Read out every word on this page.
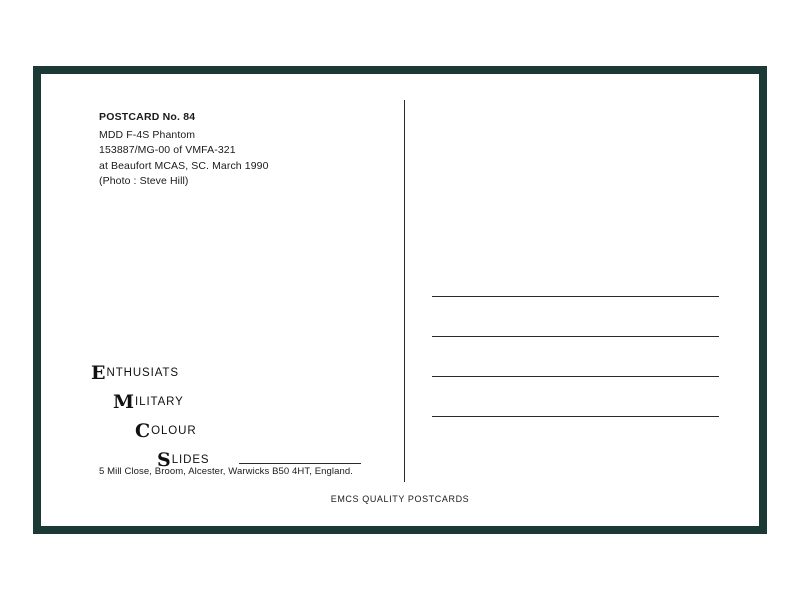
POSTCARD No. 84
MDD F-4S Phantom
153887/MG-00 of VMFA-321
at Beaufort MCAS, SC. March 1990
(Photo : Steve Hill)
ENTHUSIATS
MILITARY
COLOUR
SLIDES
5 Mill Close, Broom, Alcester, Warwicks B50 4HT, England.
EMCS QUALITY POSTCARDS
